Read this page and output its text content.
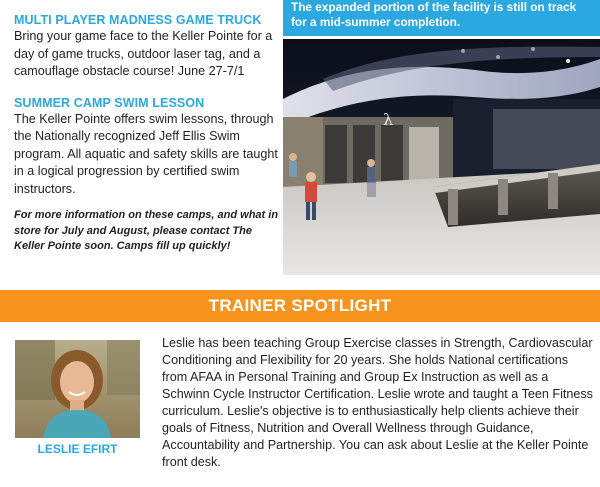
MULTI PLAYER MADNESS GAME TRUCK
Bring your game face to the Keller Pointe for a day of game trucks, outdoor laser tag, and a camouflage obstacle course! June 27-7/1
SUMMER CAMP SWIM LESSON
The Keller Pointe offers swim lessons, through the Nationally recognized Jeff Ellis Swim program. All aquatic and safety skills are taught in a logical progression by certified swim instructors.
For more information on these camps, and what in store for July and August, please contact The Keller Pointe soon. Camps fill up quickly!
The expanded portion of the facility is still on track for a mid-summer completion.
λ
TRAINER SPOTLIGHT
LESLIE EFIRT
Leslie has been teaching Group Exercise classes in Strength, Cardiovascular Conditioning and Flexibility for 20 years. She holds National certifications from AFAA in Personal Training and Group Ex Instruction as well as a Schwinn Cycle Instructor Certification. Leslie wrote and taught a Teen Fitness curriculum. Leslie's objective is to enthusiastically help clients achieve their goals of Fitness, Nutrition and Overall Wellness through Guidance, Accountability and Partnership. You can ask about Leslie at the Keller Pointe front desk.
